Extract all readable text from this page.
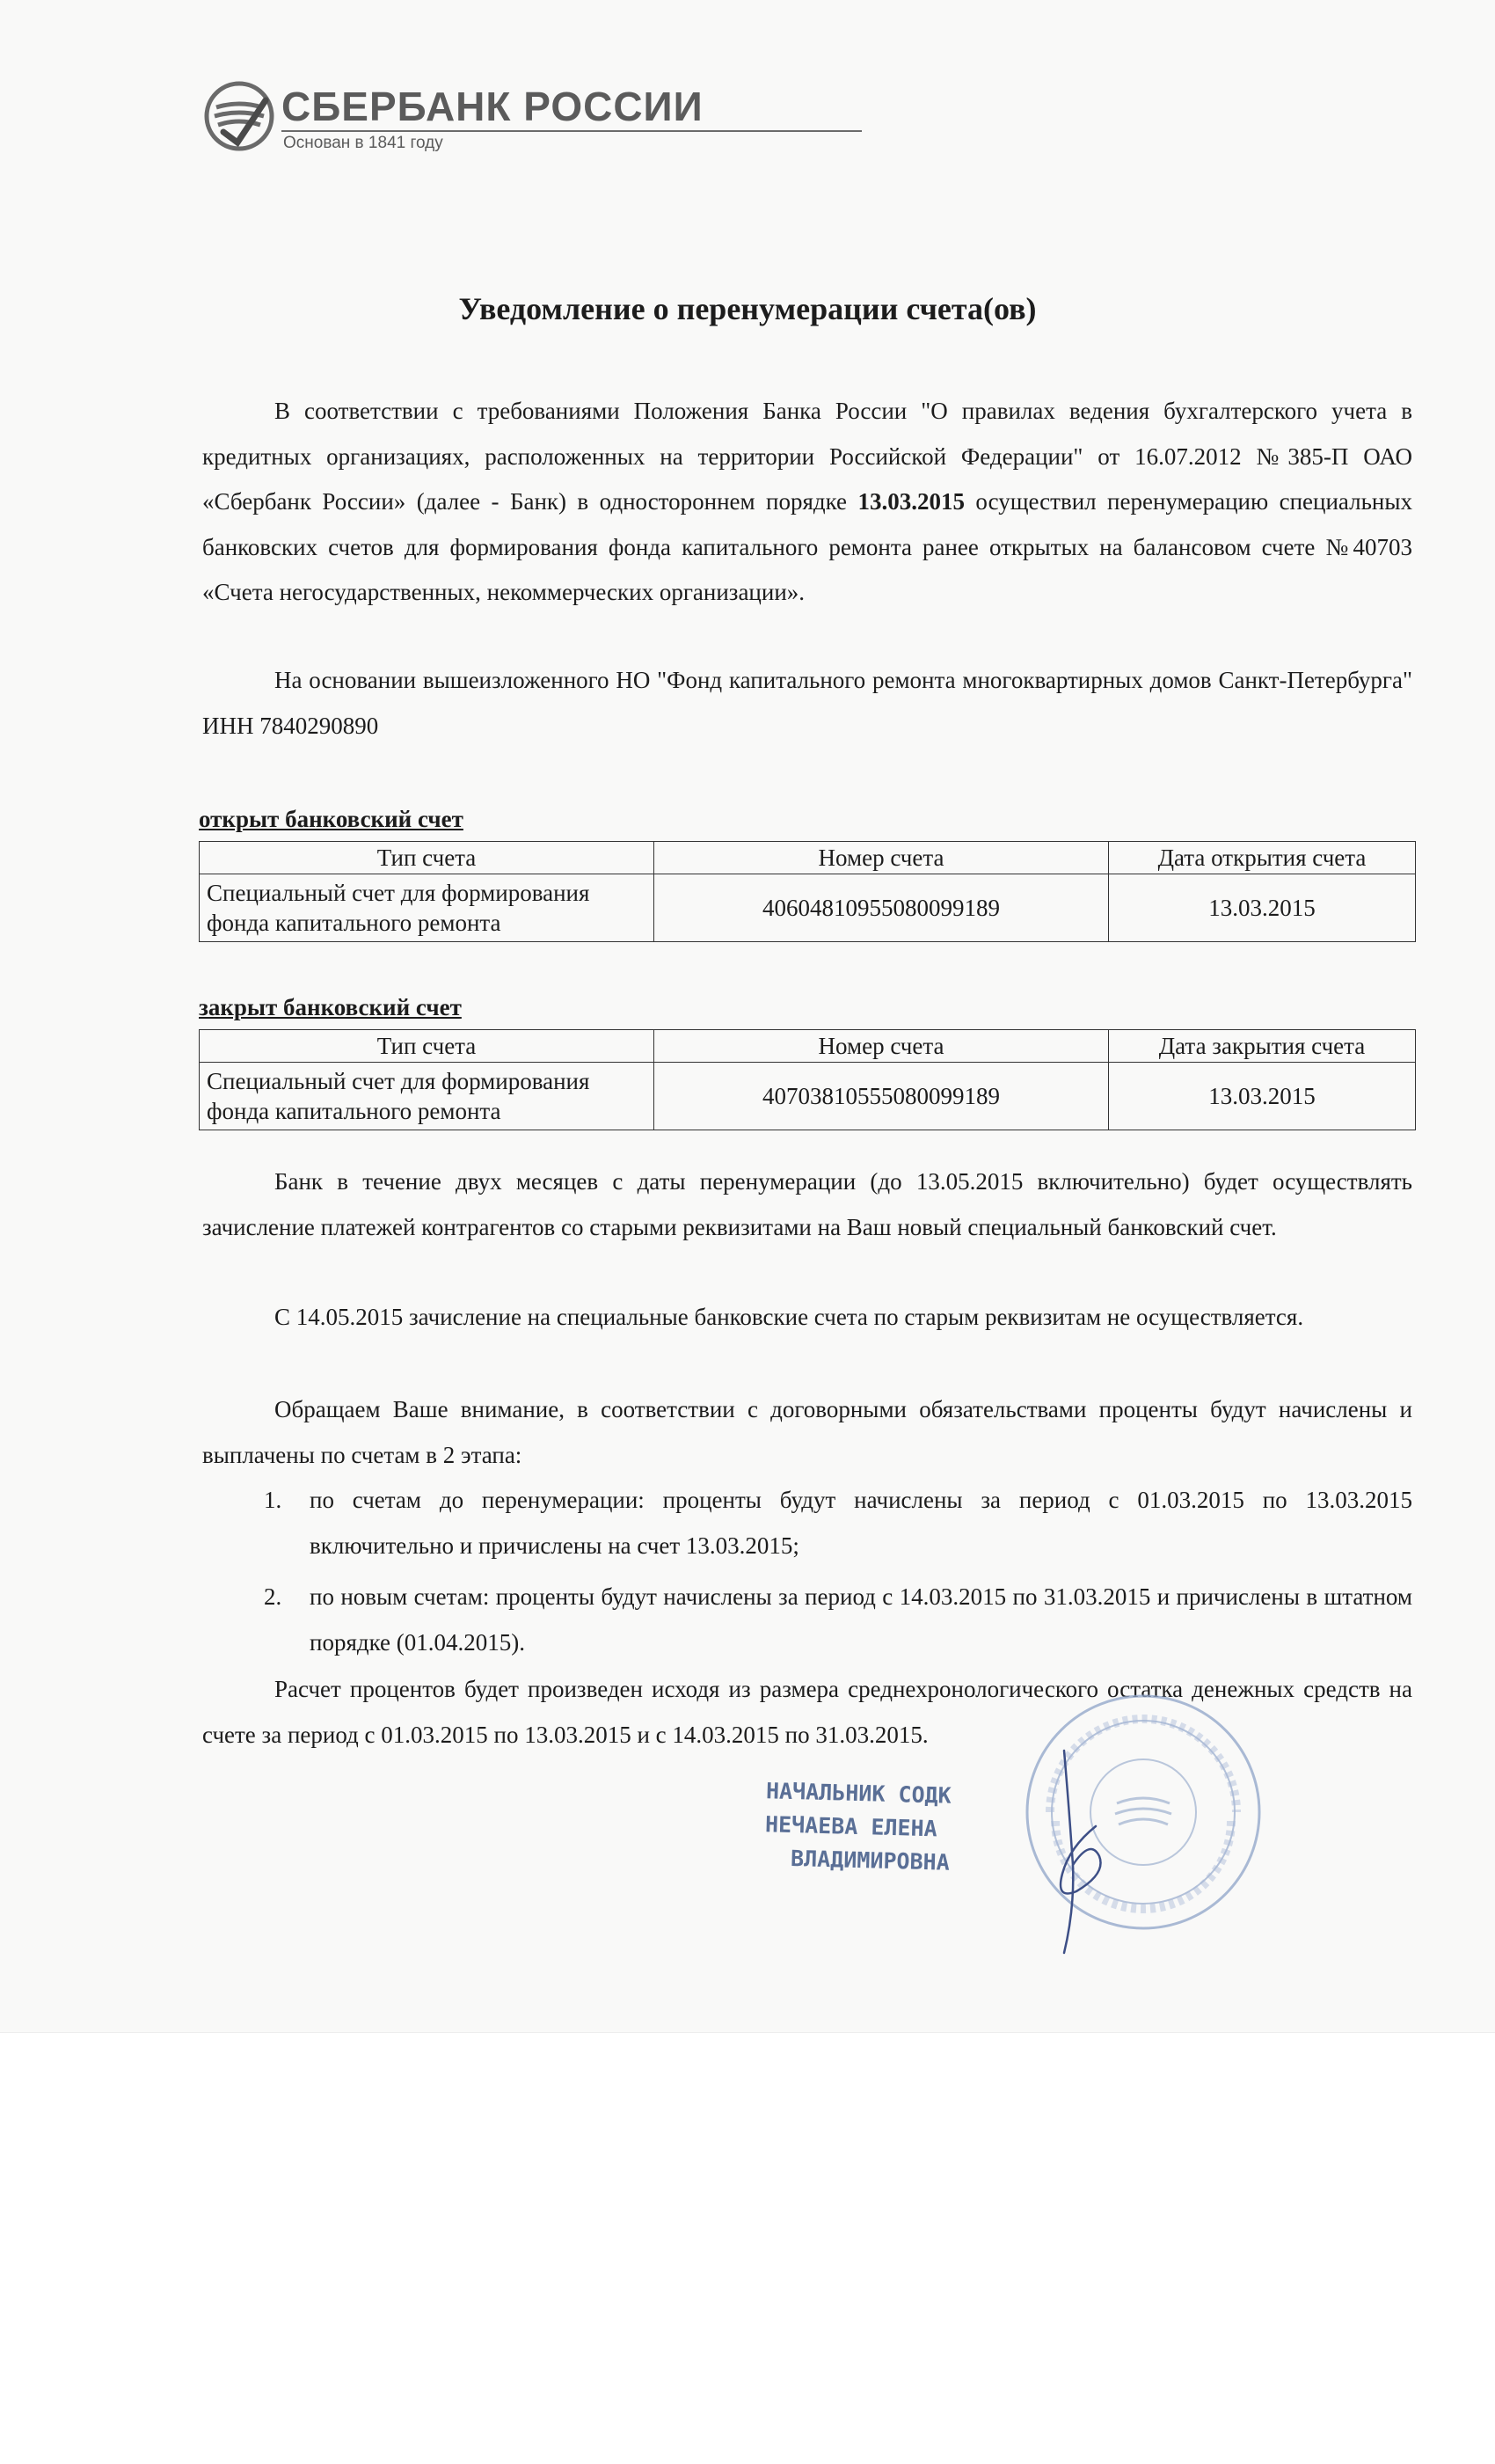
СБЕРБАНК РОССИИ
Основан в 1841 году
Уведомление о перенумерации счета(ов)
В соответствии с требованиями Положения Банка России "О правилах ведения бухгалтерского учета в кредитных организациях, расположенных на территории Российской Федерации" от 16.07.2012 №385-П ОАО «Сбербанк России» (далее - Банк) в одностороннем порядке 13.03.2015 осуществил перенумерацию специальных банковских счетов для формирования фонда капитального ремонта ранее открытых на балансовом счете №40703 «Счета негосударственных, некоммерческих организации».
На основании вышеизложенного НО "Фонд капитального ремонта многоквартирных домов Санкт-Петербурга" ИНН 7840290890
открыт банковский счет
Тип счета	Номер счета	Дата открытия счета
Специальный счет для формирования фонда капитального ремонта	40604810955080099189	13.03.2015
закрыт банковский счет
Тип счета	Номер счета	Дата закрытия счета
Специальный счет для формирования фонда капитального ремонта	40703810555080099189	13.03.2015
Банк в течение двух месяцев с даты перенумерации (до 13.05.2015 включительно) будет осуществлять зачисление платежей контрагентов со старыми реквизитами на Ваш новый специальный банковский счет.
С 14.05.2015 зачисление на специальные банковские счета по старым реквизитам не осуществляется.
Обращаем Ваше внимание, в соответствии с договорными обязательствами проценты будут начислены и выплачены по счетам в 2 этапа:
1. по счетам до перенумерации: проценты будут начислены за период с 01.03.2015 по 13.03.2015 включительно и причислены на счет 13.03.2015;
2. по новым счетам: проценты будут начислены за период с 14.03.2015 по 31.03.2015 и причислены в штатном порядке (01.04.2015).
Расчет процентов будет произведен исходя из размера среднехронологического остатка денежных средств на счете за период с 01.03.2015 по 13.03.2015 и с 14.03.2015 по 31.03.2015.
НАЧАЛЬНИК СОДК
НЕЧАЕВА ЕЛЕНА
ВЛАДИМИРОВНА
